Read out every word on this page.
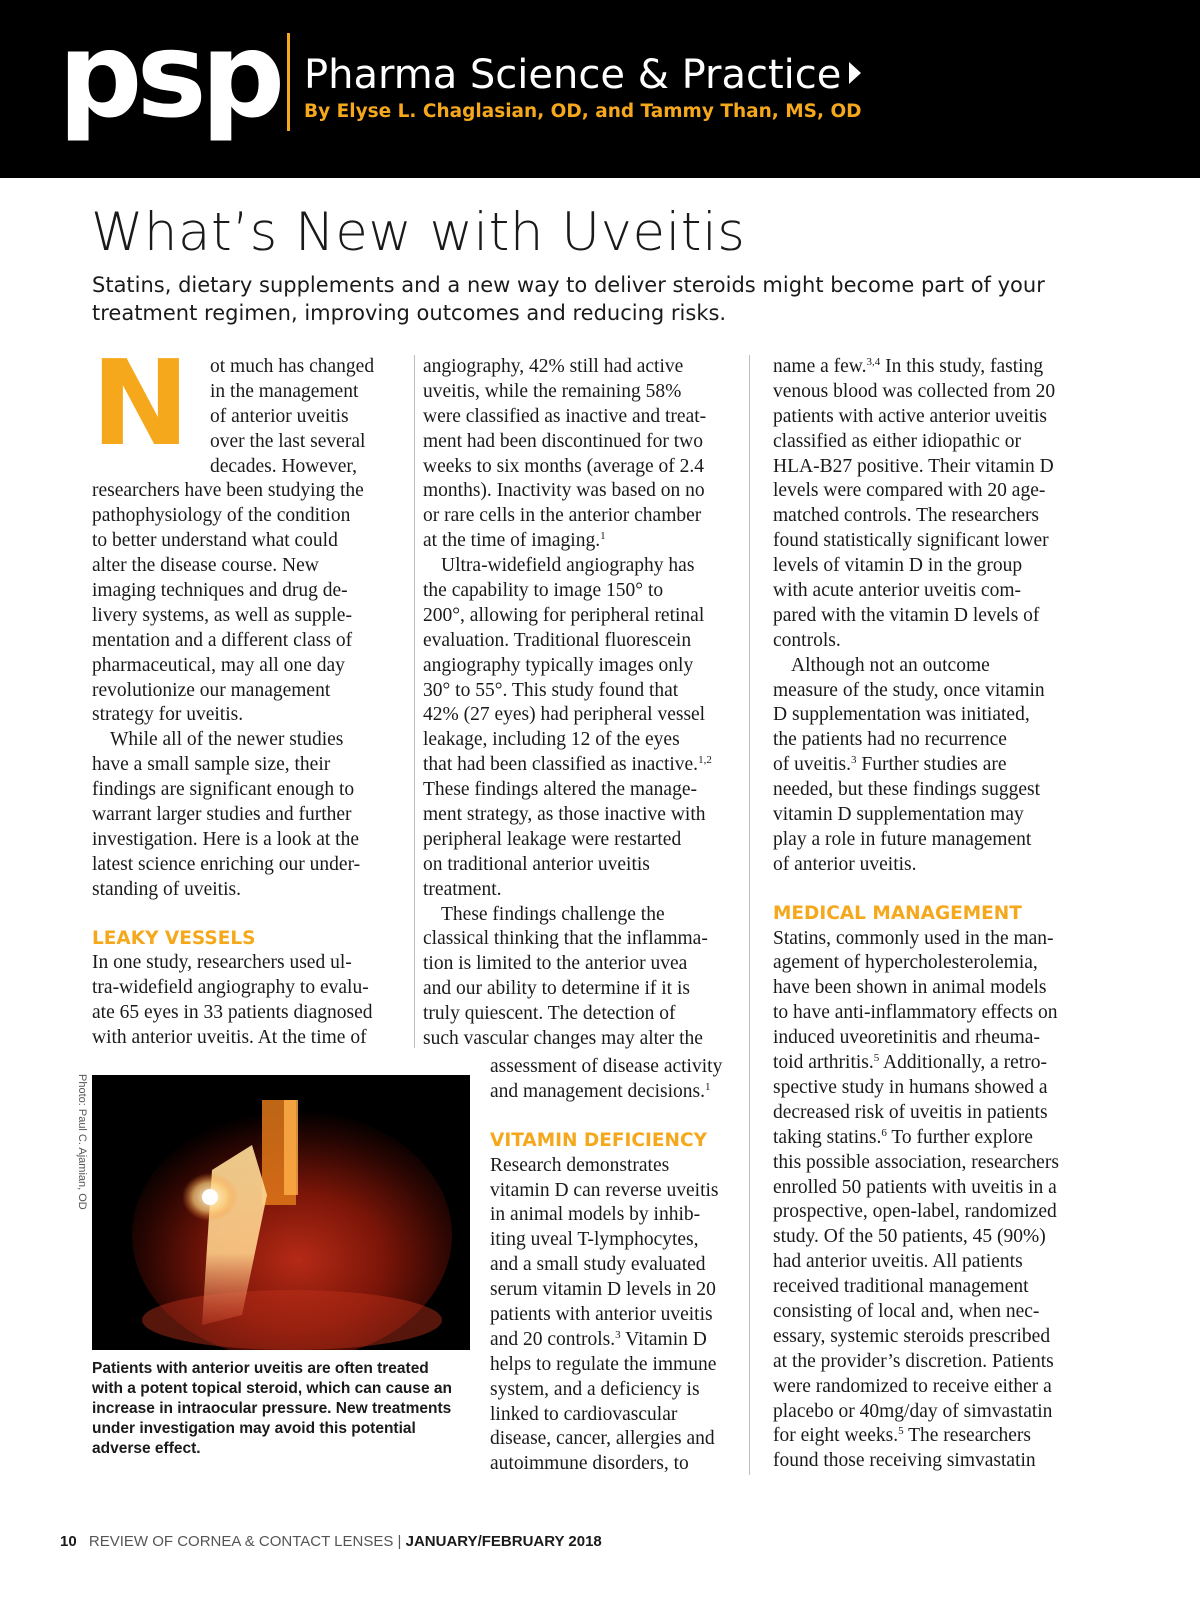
psp Pharma Science & Practice
By Elyse L. Chaglasian, OD, and Tammy Than, MS, OD
What’s New with Uveitis
Statins, dietary supplements and a new way to deliver steroids might become part of your treatment regimen, improving outcomes and reducing risks.
N	ot much has changed
in the management
of anterior uveitis
over the last several
decades. However,
researchers have been studying the
pathophysiology of the condition
to better understand what could
alter the disease course. New
imaging techniques and drug de-
livery systems, as well as supple-
mentation and a different class of
pharmaceutical, may all one day
revolutionize our management
strategy for uveitis.
While all of the newer studies
have a small sample size, their
findings are significant enough to
warrant larger studies and further
investigation. Here is a look at the
latest science enriching our under-
standing of uveitis.
LEAKY VESSELS
In one study, researchers used ul-
tra-widefield angiography to evalu-
ate 65 eyes in 33 patients diagnosed
with anterior uveitis. At the time of
angiography, 42% still had active
uveitis, while the remaining 58%
were classified as inactive and treat-
ment had been discontinued for two
weeks to six months (average of 2.4
months). Inactivity was based on no
or rare cells in the anterior chamber
at the time of imaging.$^1$
Ultra-widefield angiography has
the capability to image 150° to
200°, allowing for peripheral retinal
evaluation. Traditional fluorescein
angiography typically images only
30° to 55°. This study found that
42% (27 eyes) had peripheral vessel
leakage, including 12 of the eyes
that had been classified as inactive.$^{1,2}$
These findings altered the manage-
ment strategy, as those inactive with
peripheral leakage were restarted
on traditional anterior uveitis
treatment.
These findings challenge the
classical thinking that the inflamma-
tion is limited to the anterior uvea
and our ability to determine if it is
truly quiescent. The detection of
such vascular changes may alter the
assessment of disease activity
and management decisions.$^1$
VITAMIN DEFICIENCY
Research demonstrates
vitamin D can reverse uveitis
in animal models by inhib-
iting uveal T-lymphocytes,
and a small study evaluated
serum vitamin D levels in 20
patients with anterior uveitis
and 20 controls.$^3$ Vitamin D
helps to regulate the immune
system, and a deficiency is
linked to cardiovascular
disease, cancer, allergies and
autoimmune disorders, to
name a few.$^{3,4}$ In this study, fasting
venous blood was collected from 20
patients with active anterior uveitis
classified as either idiopathic or
HLA-B27 positive. Their vitamin D
levels were compared with 20 age-
matched controls. The researchers
found statistically significant lower
levels of vitamin D in the group
with acute anterior uveitis com-
pared with the vitamin D levels of
controls.
Although not an outcome
measure of the study, once vitamin
D supplementation was initiated,
the patients had no recurrence
of uveitis.$^3$ Further studies are
needed, but these findings suggest
vitamin D supplementation may
play a role in future management
of anterior uveitis.
MEDICAL MANAGEMENT
Statins, commonly used in the man-
agement of hypercholesterolemia,
have been shown in animal models
to have anti-inflammatory effects on
induced uveoretinitis and rheuma-
toid arthritis.$^5$ Additionally, a retro-
spective study in humans showed a
decreased risk of uveitis in patients
taking statins.$^6$ To further explore
this possible association, researchers
enrolled 50 patients with uveitis in a
prospective, open-label, randomized
study. Of the 50 patients, 45 (90%)
had anterior uveitis. All patients
received traditional management
consisting of local and, when nec-
essary, systemic steroids prescribed
at the provider’s discretion. Patients
were randomized to receive either a
placebo or 40mg/day of simvastatin
for eight weeks.$^5$ The researchers
found those receiving simvastatin
Photo: Paul C. Ajamian, OD
Patients with anterior uveitis are often treated with a potent topical steroid, which can cause an increase in intraocular pressure. New treatments under investigation may avoid this potential adverse effect.
10 REVIEW OF CORNEA & CONTACT LENSES | JANUARY/FEBRUARY 2018
